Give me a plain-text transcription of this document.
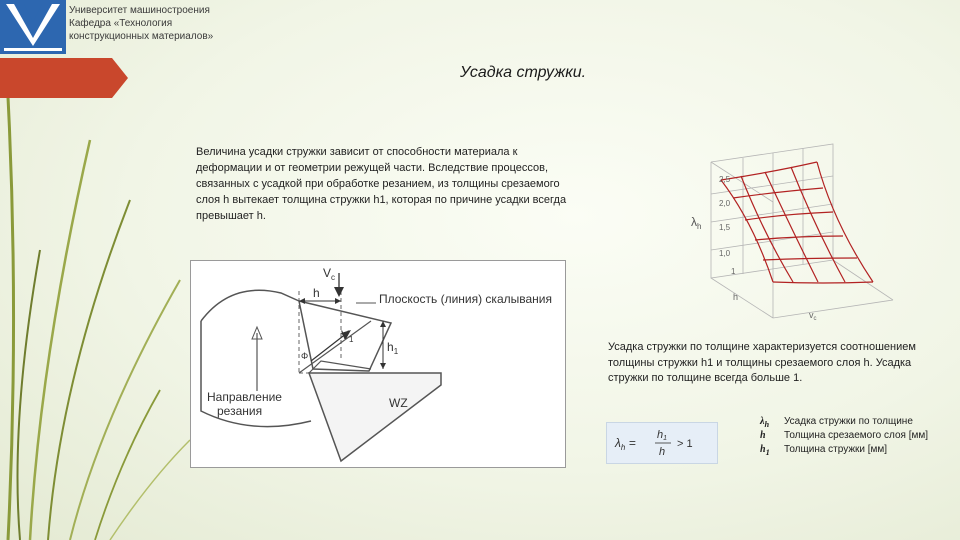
Университет машиностроения
Кафедра «Технология
конструкционных материалов»
Усадка стружки.
Величина усадки стружки зависит от способности материала к деформации и от геометрии режущей части. Вследствие процессов, связанных с усадкой при обработке резанием, из толщины срезаемого слоя h вытекает толщина стружки h1, которая по причине усадки всегда превышает h.
$V_c$
h
$V_1$
$h_1$
Φ
Плоскость (линия) скалывания
Направление
резания
WZ
$\lambda_h$
1,0
1,5
2,0
2,5
1
h
$v_c$
Усадка стружки по толщине характеризуется соотношением толщины стружки h1 и толщины срезаемого слоя h. Усадка стружки по толщине всегда больше 1.
$\lambda_h$ =
h1
h
> 1
$\lambda_h$ Усадка стружки по толщине
h Толщина срезаемого слоя [мм]
$h_1$ Толщина стружки [мм]
